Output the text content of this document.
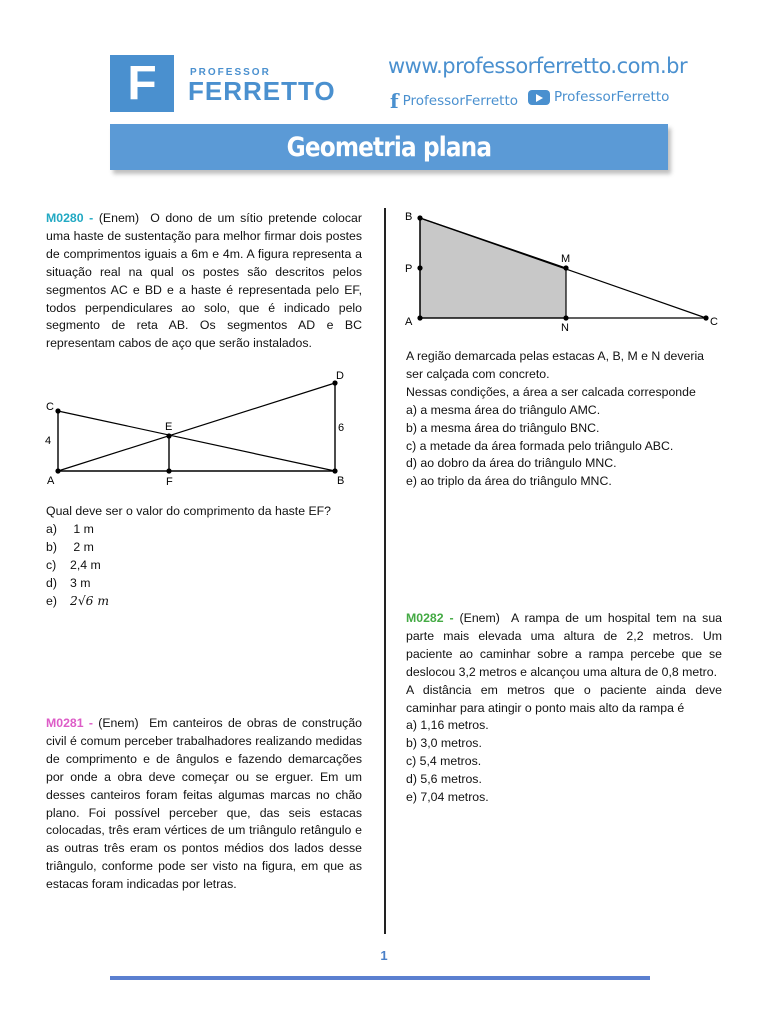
F	PROFESSOR
FERRETTO
www.professorferretto.com.br
f ProfessorFerretto	ProfessorFerretto
Geometria plana

M0280 - (Enem) O dono de um sítio pretende colocar uma haste de sustentação para melhor firmar dois postes de comprimentos iguais a 6m e 4m. A figura representa a situação real na qual os postes são descritos pelos segmentos AC e BD e a haste é representada pelo EF, todos perpendiculares ao solo, que é indicado pelo segmento de reta AB. Os segmentos AD e BC representam cabos de aço que serão instalados.

C
D
E
A	F	B
4
6

Qual deve ser o valor do comprimento da haste EF?

a)
	1 m
b)
	2 m
c)	2,4 m
d)	3 m
e)	2√6 m

M0281 - (Enem) Em canteiros de obras de construção civil é comum perceber trabalhadores realizando medidas de comprimento e de ângulos e fazendo demarcações por onde a obra deve começar ou se erguer. Em um desses canteiros foram feitas algumas marcas no chão plano. Foi possível perceber que, das seis estacas colocadas, três eram vértices de um triângulo retângulo e as outras três eram os pontos médios dos lados desse triângulo, conforme pode ser visto na figura, em que as estacas foram indicadas por letras.

B
P
M
A	N	C

A região demarcada pelas estacas A, B, M e N deveria ser calçada com concreto.

Nessas condições, a área a ser calcada corresponde

a) a mesma área do triângulo AMC.
b) a mesma área do triângulo BNC.
c) a metade da área formada pelo triângulo ABC.
d) ao dobro da área do triângulo MNC.
e) ao triplo da área do triângulo MNC.

M0282 - (Enem) A rampa de um hospital tem na sua parte mais elevada uma altura de 2,2 metros. Um paciente ao caminhar sobre a rampa percebe que se deslocou 3,2 metros e alcançou uma altura de 0,8 metro.

A distância em metros que o paciente ainda deve caminhar para atingir o ponto mais alto da rampa é

a) 1,16 metros.
b) 3,0 metros.
c) 5,4 metros.
d) 5,6 metros.
e) 7,04 metros.
1
